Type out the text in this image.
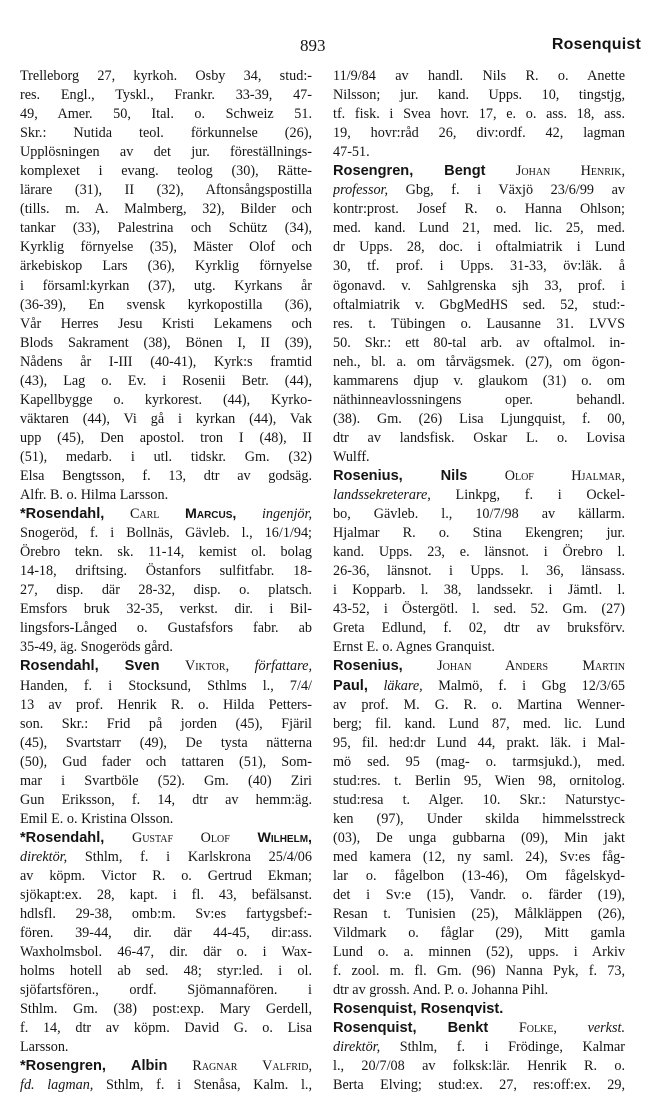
893	Rosenquist
Trelleborg 27, kyrkoh. Osby 34, stud:-
res. Engl., Tyskl., Frankr. 33-39, 47-
49, Amer. 50, Ital. o. Schweiz 51.
Skr.: Nutida teol. förkunnelse (26),
Upplösningen av det jur. föreställnings-
komplexet i evang. teolog (30), Rätte-
lärare (31), II (32), Aftonsångspostilla
(tills. m. A. Malmberg, 32), Bilder och
tankar (33), Palestrina och Schütz (34),
Kyrklig förnyelse (35), Mäster Olof och
ärkebiskop Lars (36), Kyrklig förnyelse
i församl:kyrkan (37), utg. Kyrkans år
(36-39), En svensk kyrkopostilla (36),
Vår Herres Jesu Kristi Lekamens och
Blods Sakrament (38), Bönen I, II (39),
Nådens år I-III (40-41), Kyrk:s framtid
(43), Lag o. Ev. i Rosenii Betr. (44),
Kapellbygge o. kyrkorest. (44), Kyrko-
väktaren (44), Vi gå i kyrkan (44), Vak
upp (45), Den apostol. tron I (48), II
(51), medarb. i utl. tidskr. Gm. (32)
Elsa Bengtsson, f. 13, dtr av godsäg.
Alfr. B. o. Hilma Larsson.
*Rosendahl, Carl Marcus, ingenjör,
Snogeröd, f. i Bollnäs, Gävleb. l., 16/1/94;
Örebro tekn. sk. 11-14, kemist ol. bolag
14-18, driftsing. Östanfors sulfitfabr. 18-
27, disp. där 28-32, disp. o. platsch.
Emsfors bruk 32-35, verkst. dir. i Bil-
lingsfors-Långed o. Gustafsfors fabr. ab
35-49, äg. Snogeröds gård.
Rosendahl, Sven Viktor, författare,
Handen, f. i Stocksund, Sthlms l., 7/4/
13 av prof. Henrik R. o. Hilda Petters-
son. Skr.: Frid på jorden (45), Fjäril
(45), Svartstarr (49), De tysta nätterna
(50), Gud fader och tattaren (51), Som-
mar i Svartböle (52). Gm. (40) Ziri
Gun Eriksson, f. 14, dtr av hemm:äg.
Emil E. o. Kristina Olsson.
*Rosendahl, Gustaf Olof Wilhelm,
direktör, Sthlm, f. i Karlskrona 25/4/06
av köpm. Victor R. o. Gertrud Ekman;
sjökapt:ex. 28, kapt. i fl. 43, befälsanst.
hdlsfl. 29-38, omb:m. Sv:es fartygsbef:-
fören. 39-44, dir. där 44-45, dir:ass.
Waxholmsbol. 46-47, dir. där o. i Wax-
holms hotell ab sed. 48; styr:led. i ol.
sjöfartsfören., ordf. Sjömannafören. i
Sthlm. Gm. (38) post:exp. Mary Gerdell,
f. 14, dtr av köpm. David G. o. Lisa
Larsson.
*Rosengren, Albin Ragnar Valfrid,
fd. lagman, Sthlm, f. i Stenåsa, Kalm. l.,
11/9/84 av handl. Nils R. o. Anette
Nilsson; jur. kand. Upps. 10, tingstjg,
tf. fisk. i Svea hovr. 17, e. o. ass. 18, ass.
19, hovr:råd 26, div:ordf. 42, lagman
47-51.
Rosengren, Bengt Johan Henrik,
professor, Gbg, f. i Växjö 23/6/99 av
kontr:prost. Josef R. o. Hanna Ohlson;
med. kand. Lund 21, med. lic. 25, med.
dr Upps. 28, doc. i oftalmiatrik i Lund
30, tf. prof. i Upps. 31-33, öv:läk. å
ögonavd. v. Sahlgrenska sjh 33, prof. i
oftalmiatrik v. GbgMedHS sed. 52, stud:-
res. t. Tübingen o. Lausanne 31. LVVS
50. Skr.: ett 80-tal arb. av oftalmol. in-
neh., bl. a. om tårvägsmek. (27), om ögon-
kammarens djup v. glaukom (31) o. om
näthinneavlossningens oper. behandl.
(38). Gm. (26) Lisa Ljungquist, f. 00,
dtr av landsfisk. Oskar L. o. Lovisa
Wulff.
Rosenius, Nils	Olof Hjalmar,
landssekreterare, Linkpg, f. i Ockel-
bo, Gävleb. l., 10/7/98 av källarm.
Hjalmar R. o. Stina Ekengren; jur.
kand. Upps. 23, e. länsnot. i Örebro l.
26-36, länsnot. i Upps. l. 36, länsass.
i Kopparb. l. 38, landssekr. i Jämtl. l.
43-52, i Östergötl. l. sed. 52. Gm. (27)
Greta Edlund, f. 02, dtr av bruksförv.
Ernst E. o. Agnes Granquist.
Rosenius, Johan Anders Martin
Paul, läkare, Malmö, f. i Gbg 12/3/65
av prof. M. G. R. o. Martina Wenner-
berg; fil. kand. Lund 87, med. lic. Lund
95, fil. hed:dr Lund 44, prakt. läk. i Mal-
mö sed. 95 (mag- o. tarmsjukd.), med.
stud:res. t. Berlin 95, Wien 98, ornitolog.
stud:resa t. Alger. 10. Skr.: Naturstyc-
ken (97), Under skilda himmelsstreck
(03), De unga gubbarna (09), Min jakt
med kamera (12, ny saml. 24), Sv:es fåg-
lar o. fågelbon (13-46), Om fågelskyd-
det i Sv:e (15), Vandr. o. färder (19),
Resan t. Tunisien (25), Målkläppen (26),
Vildmark o. fåglar (29), Mitt gamla
Lund o. a. minnen (52), upps. i Arkiv
f. zool. m. fl. Gm. (96) Nanna Pyk, f. 73,
dtr av grossh. And. P. o. Johanna Pihl.
Rosenquist, Rosenqvist.
Rosenquist, Benkt Folke, verkst.
direktör, Sthlm, f. i Frödinge, Kalmar
l., 20/7/08 av folksk:lär. Henrik R. o.
Berta Elving; stud:ex. 27, res:off:ex. 29,
